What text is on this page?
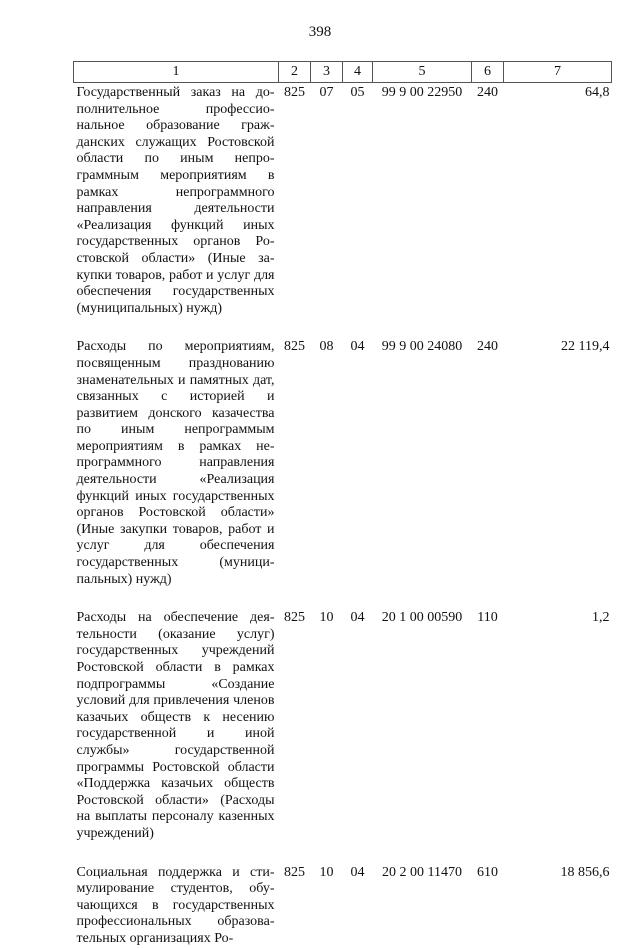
398
1	2	3	4	5	6	7
Государственный заказ на дополнительное профессиональное образование гражданских служащих Ростовской области по иным непрограммным мероприятиям в рамках непрограммного направления деятельности «Реализация функций иных государственных органов Ростовской области» (Иные закупки товаров, работ и услуг для обеспечения государственных (муниципальных) нужд)	825	07	05	99 9 00 22950	240	64,8

Расходы по мероприятиям, посвященным празднованию знаменательных и памятных дат, связанных с историей и развитием донского казачества по иным непрограммым мероприятиям в рамках непрограммного направления деятельности «Реализация функций иных государственных органов Ростовской области» (Иные закупки товаров, работ и услуг для обеспечения государственных (муниципальных) нужд)	825	08	04	99 9 00 24080	240	22 119,4

Расходы на обеспечение деятельности (оказание услуг) государственных учреждений Ростовской области в рамках подпрограммы «Создание условий для привлечения членов казачьих обществ к несению государственной и иной службы» государственной программы Ростовской области «Поддержка казачьих обществ Ростовской области» (Расходы на выплаты персоналу казенных учреждений)	825	10	04	20 1 00 00590	110	1,2

Социальная поддержка и стимулирование студентов, обучающихся в государственных профессиональных образовательных организациях Ро-	825	10	04	20 2 00 11470	610	18 856,6
